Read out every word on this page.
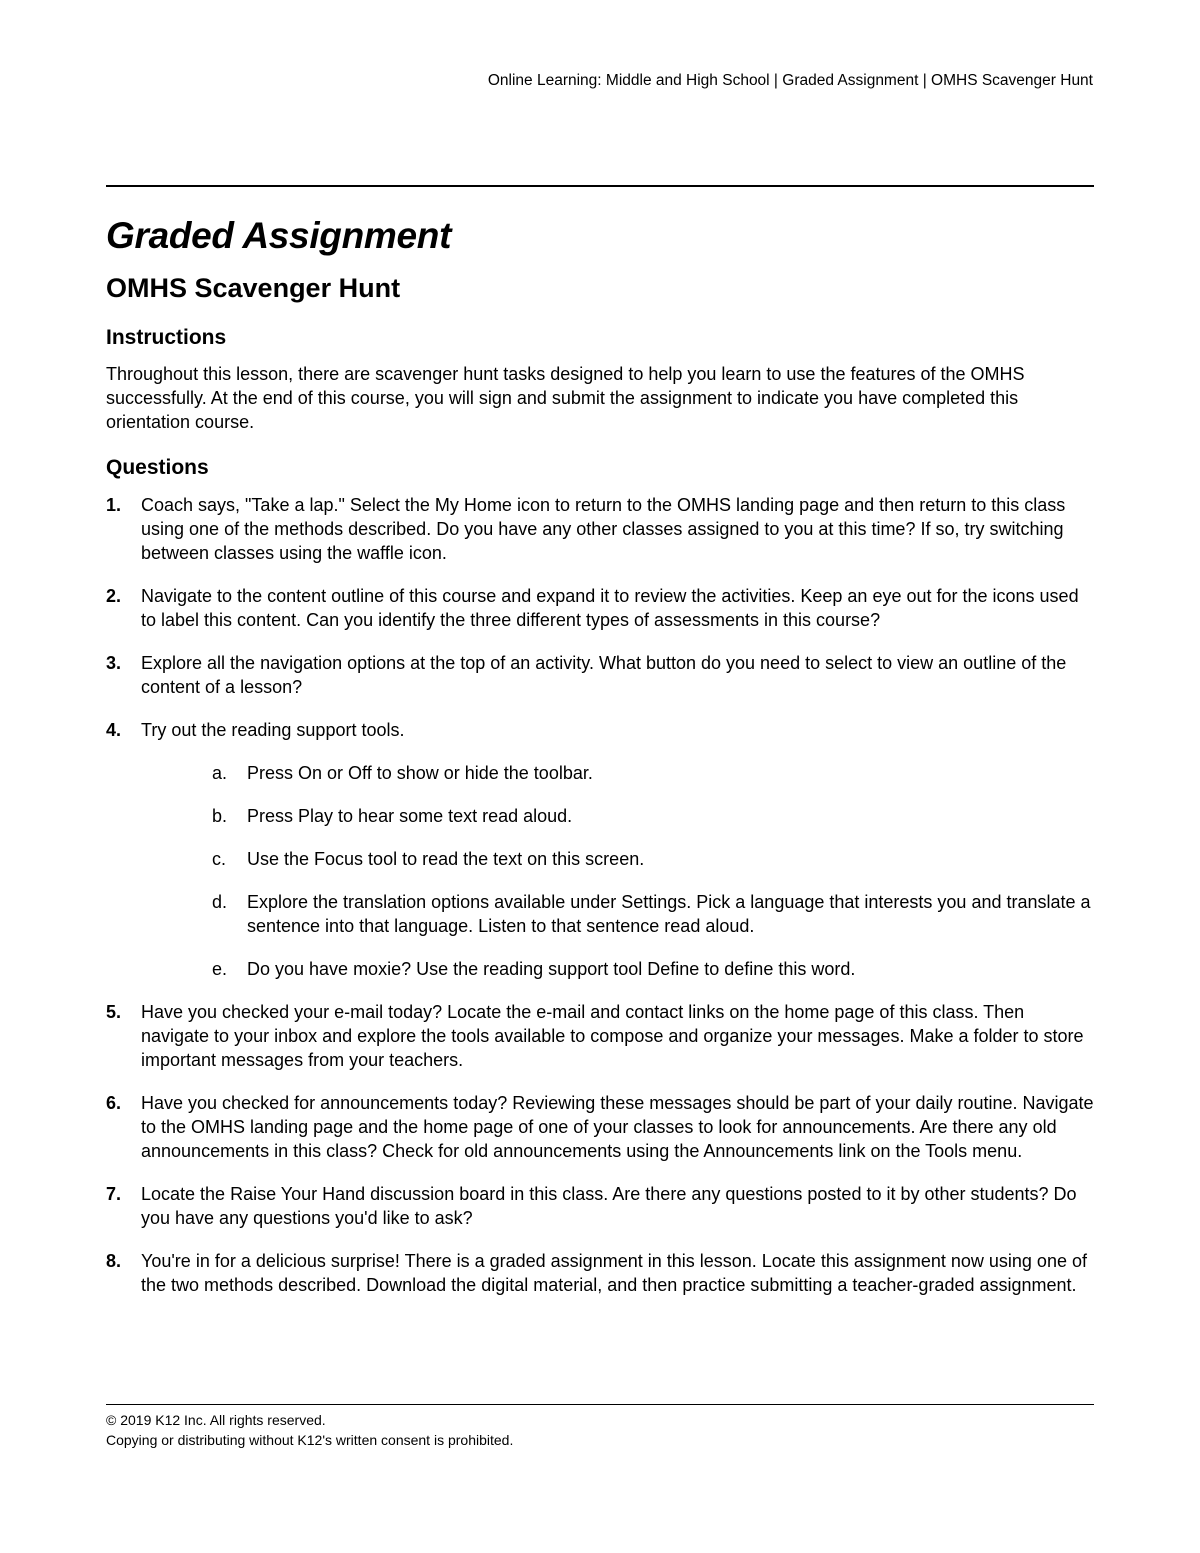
Online Learning: Middle and High School | Graded Assignment | OMHS Scavenger Hunt
Graded Assignment
OMHS Scavenger Hunt
Instructions

Throughout this lesson, there are scavenger hunt tasks designed to help you learn to use the features of the OMHS successfully. At the end of this course, you will sign and submit the assignment to indicate you have completed this orientation course.

Questions
1.	Coach says, "Take a lap." Select the My Home icon to return to the OMHS landing page and then return to this class using one of the methods described. Do you have any other classes assigned to you at this time? If so, try switching between classes using the waffle icon.
2.	Navigate to the content outline of this course and expand it to review the activities. Keep an eye out for the icons used to label this content. Can you identify the three different types of assessments in this course?
3.	Explore all the navigation options at the top of an activity. What button do you need to select to view an outline of the content of a lesson?
4.	Try out the reading support tools.
a.	Press On or Off to show or hide the toolbar.
b.	Press Play to hear some text read aloud.
c.	Use the Focus tool to read the text on this screen.
d.	Explore the translation options available under Settings. Pick a language that interests you and translate a sentence into that language. Listen to that sentence read aloud.
e.	Do you have moxie? Use the reading support tool Define to define this word.
5.	Have you checked your e-mail today? Locate the e-mail and contact links on the home page of this class. Then navigate to your inbox and explore the tools available to compose and organize your messages. Make a folder to store important messages from your teachers.
6.	Have you checked for announcements today? Reviewing these messages should be part of your daily routine. Navigate to the OMHS landing page and the home page of one of your classes to look for announcements. Are there any old announcements in this class? Check for old announcements using the Announcements link on the Tools menu.
7.	Locate the Raise Your Hand discussion board in this class. Are there any questions posted to it by other students? Do you have any questions you'd like to ask?
8.	You're in for a delicious surprise! There is a graded assignment in this lesson. Locate this assignment now using one of the two methods described. Download the digital material, and then practice submitting a teacher-graded assignment.
© 2019 K12 Inc. All rights reserved.
Copying or distributing without K12's written consent is prohibited.
